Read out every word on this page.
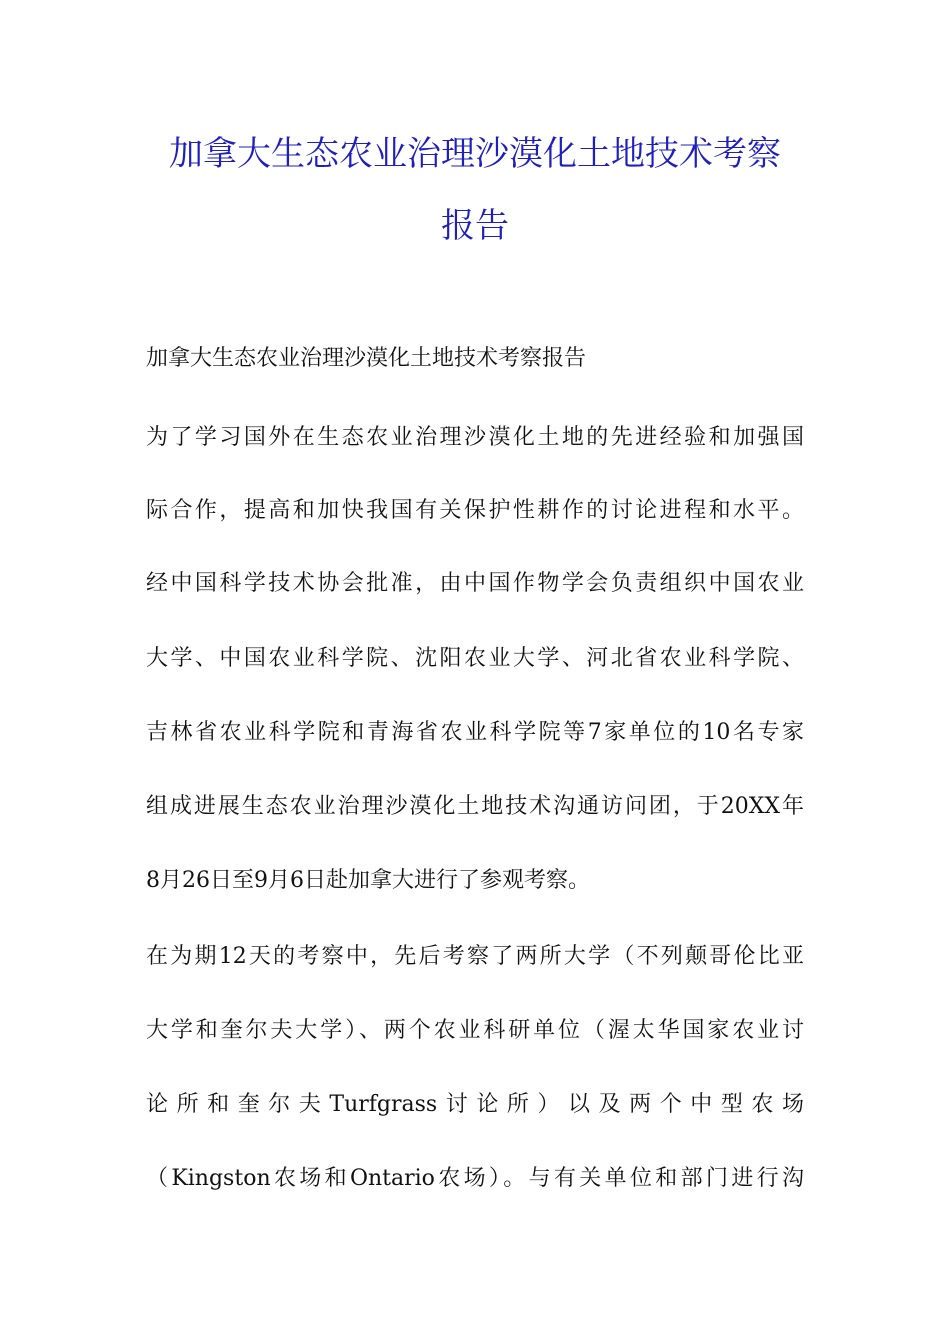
加拿大生态农业治理沙漠化土地技术考察
报告

加拿大生态农业治理沙漠化土地技术考察报告

为了学习国外在生态农业治理沙漠化土地的先进经验和加强国

际合作，提高和加快我国有关保护性耕作的讨论进程和水平。

经中国科学技术协会批准，由中国作物学会负责组织中国农业

大学、中国农业科学院、沈阳农业大学、河北省农业科学院、

吉林省农业科学院和青海省农业科学院等7家单位的10名专家

组成进展生态农业治理沙漠化土地技术沟通访问团，于20XX年

8月26日至9月6日赴加拿大进行了参观考察。

在为期12天的考察中，先后考察了两所大学（不列颠哥伦比亚

大学和奎尔夫大学）、两个农业科研单位（渥太华国家农业讨

论所和奎尔夫Turfgrass讨论所）以及两个中型农场

（Kingston农场和Ontario农场）。与有关单位和部门进行沟
